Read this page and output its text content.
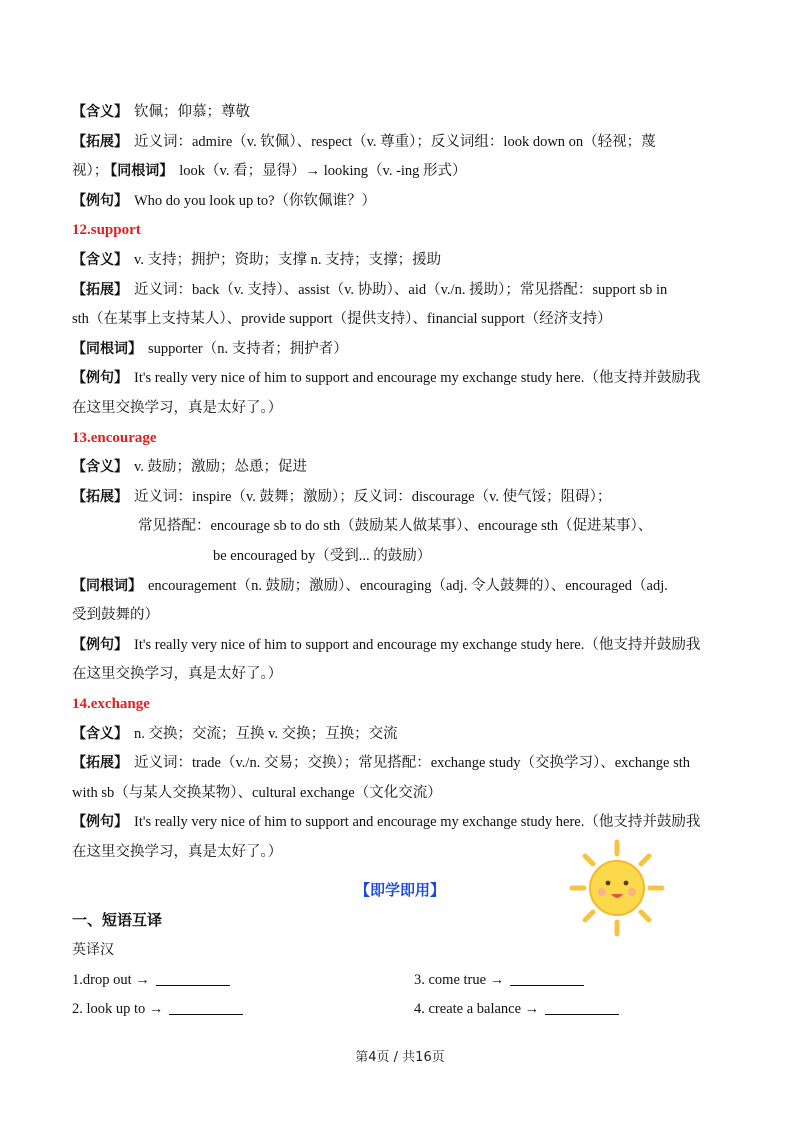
【含义】 钦佩；仰慕；尊敬
【拓展】 近义词：admire（v. 钦佩）、respect（v. 尊重）；反义词组：look down on（轻视；蔑
视）； 【同根词】 look（v. 看；显得）→ looking（v. -ing 形式）
【例句】 Who do you look up to?（你钦佩谁？）
12.support
【含义】 v. 支持；拥护；资助；支撑 n. 支持；支撑；援助
【拓展】 近义词：back（v. 支持）、assist（v. 协助）、aid（v./n. 援助）；常见搭配：support sb in
sth（在某事上支持某人）、provide support（提供支持）、financial support（经济支持）
【同根词】 supporter（n. 支持者；拥护者）
【例句】 It's really very nice of him to support and encourage my exchange study here.（他支持并鼓励我
在这里交换学习，真是太好了。）
13.encourage
【含义】 v. 鼓励；激励；怂恿；促进
【拓展】 近义词：inspire（v. 鼓舞；激励）；反义词：discourage（v. 使气馁；阻碍）；
常见搭配：encourage sb to do sth（鼓励某人做某事）、encourage sth（促进某事）、
be encouraged by（受到... 的鼓励）
【同根词】 encouragement（n. 鼓励；激励）、encouraging（adj. 令人鼓舞的）、encouraged（adj.
受到鼓舞的）
【例句】 It's really very nice of him to support and encourage my exchange study here.（他支持并鼓励我
在这里交换学习，真是太好了。）
14.exchange
【含义】 n. 交换；交流；互换 v. 交换；互换；交流
【拓展】 近义词：trade（v./n. 交易；交换）；常见搭配：exchange study（交换学习）、exchange sth
with sb（与某人交换某物）、cultural exchange（文化交流）
【例句】 It's really very nice of him to support and encourage my exchange study here.（他支持并鼓励我
在这里交换学习，真是太好了。）
【即学即用】
一、短语互译
英译汉
1.drop out →	3. come true →
2. look up to →	4. create a balance →
第4页 / 共16页
